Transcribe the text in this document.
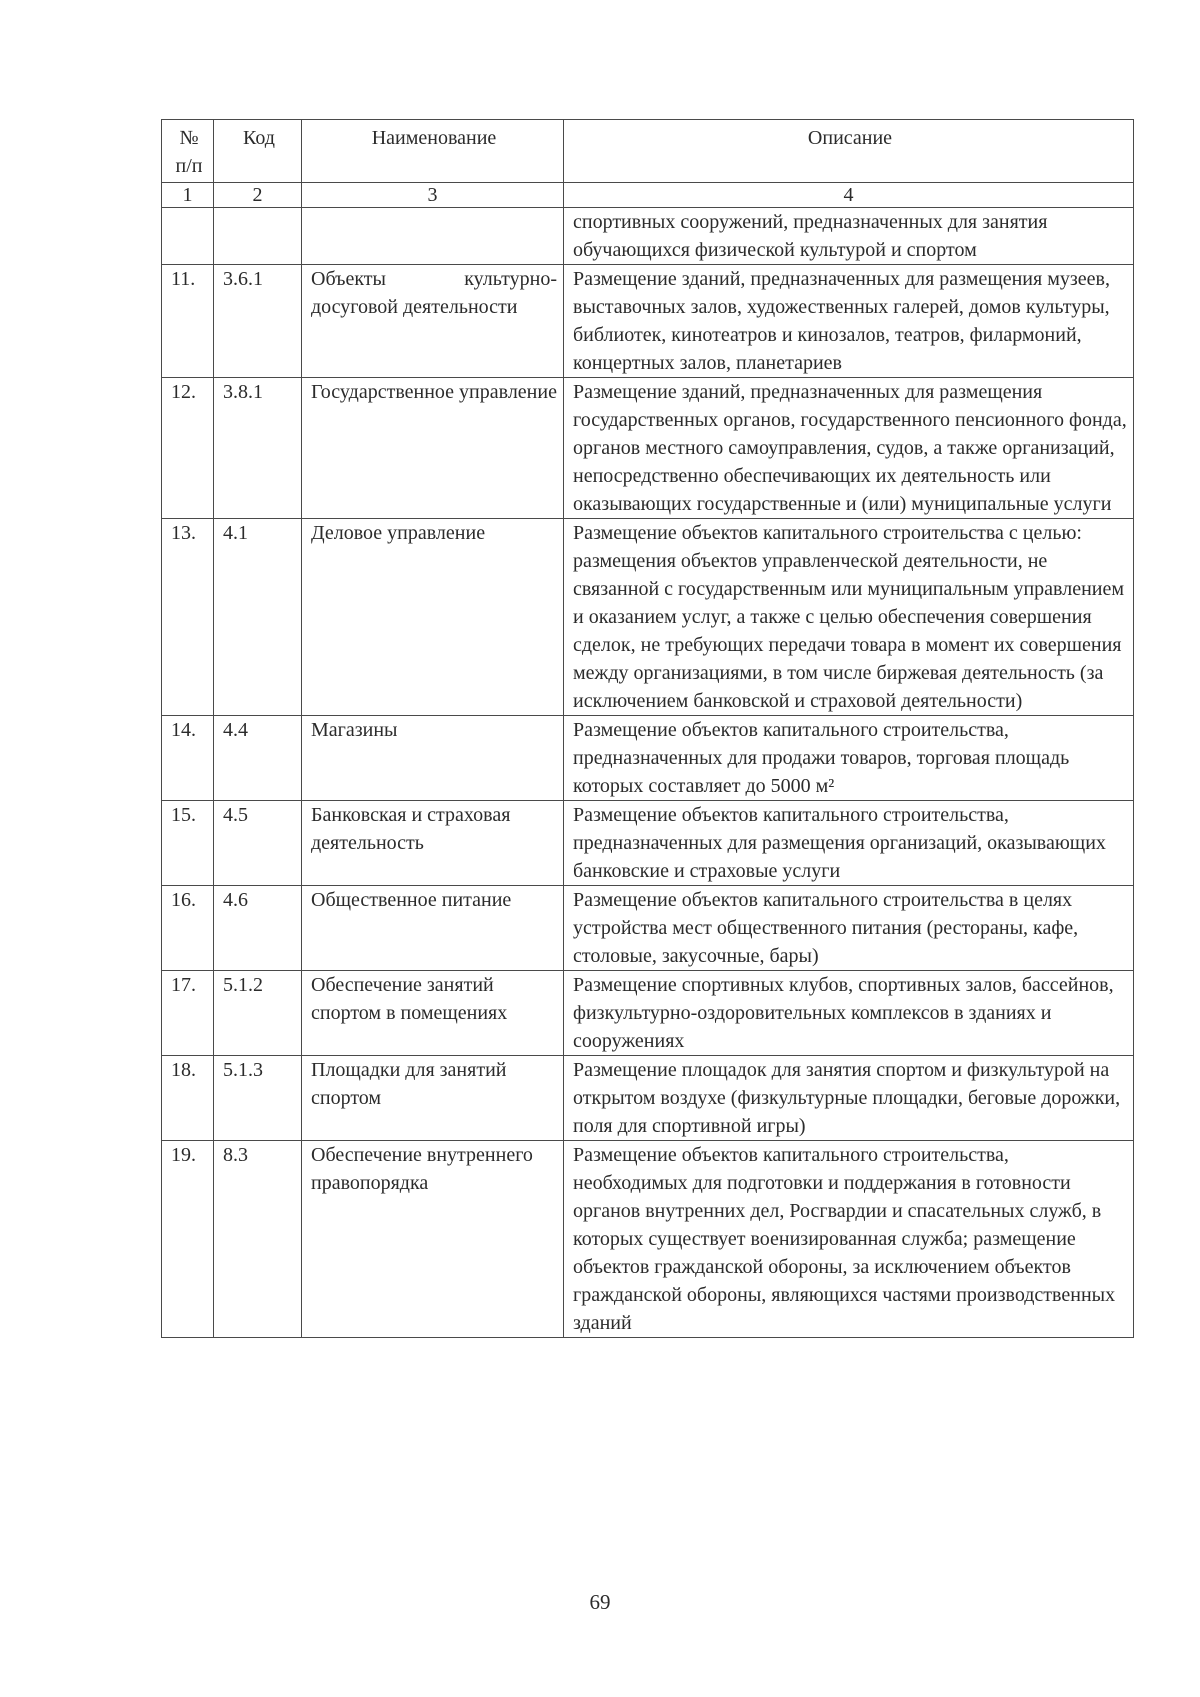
№ п/п	Код	Наименование	Описание
1	2	3	4
			спортивных сооружений, предназначенных для занятия обучающихся физической культурой и спортом
11.	3.6.1	Объекты культурно-досуговой деятельности	Размещение зданий, предназначенных для размещения музеев, выставочных залов, художественных галерей, домов культуры, библиотек, кинотеатров и кинозалов, театров, филармоний, концертных залов, планетариев
12.	3.8.1	Государственное управление	Размещение зданий, предназначенных для размещения государственных органов, государственного пенсионного фонда, органов местного самоуправления, судов, а также организаций, непосредственно обеспечивающих их деятельность или оказывающих государственные и (или) муниципальные услуги
13.	4.1	Деловое управление	Размещение объектов капитального строительства с целью: размещения объектов управленческой деятельности, не связанной с государственным или муниципальным управлением и оказанием услуг, а также с целью обеспечения совершения сделок, не требующих передачи товара в момент их совершения между организациями, в том числе биржевая деятельность (за исключением банковской и страховой деятельности)
14.	4.4	Магазины	Размещение объектов капитального строительства, предназначенных для продажи товаров, торговая площадь которых составляет до 5000 м²
15.	4.5	Банковская и страховая деятельность	Размещение объектов капитального строительства, предназначенных для размещения организаций, оказывающих банковские и страховые услуги
16.	4.6	Общественное питание	Размещение объектов капитального строительства в целях устройства мест общественного питания (рестораны, кафе, столовые, закусочные, бары)
17.	5.1.2	Обеспечение занятий спортом в помещениях	Размещение спортивных клубов, спортивных залов, бассейнов, физкультурно-оздоровительных комплексов в зданиях и сооружениях
18.	5.1.3	Площадки для занятий спортом	Размещение площадок для занятия спортом и физкультурой на открытом воздухе (физкультурные площадки, беговые дорожки, поля для спортивной игры)
19.	8.3	Обеспечение внутреннего правопорядка	Размещение объектов капитального строительства, необходимых для подготовки и поддержания в готовности органов внутренних дел, Росгвардии и спасательных служб, в которых существует военизированная служба; размещение объектов гражданской обороны, за исключением объектов гражданской обороны, являющихся частями производственных зданий
69
